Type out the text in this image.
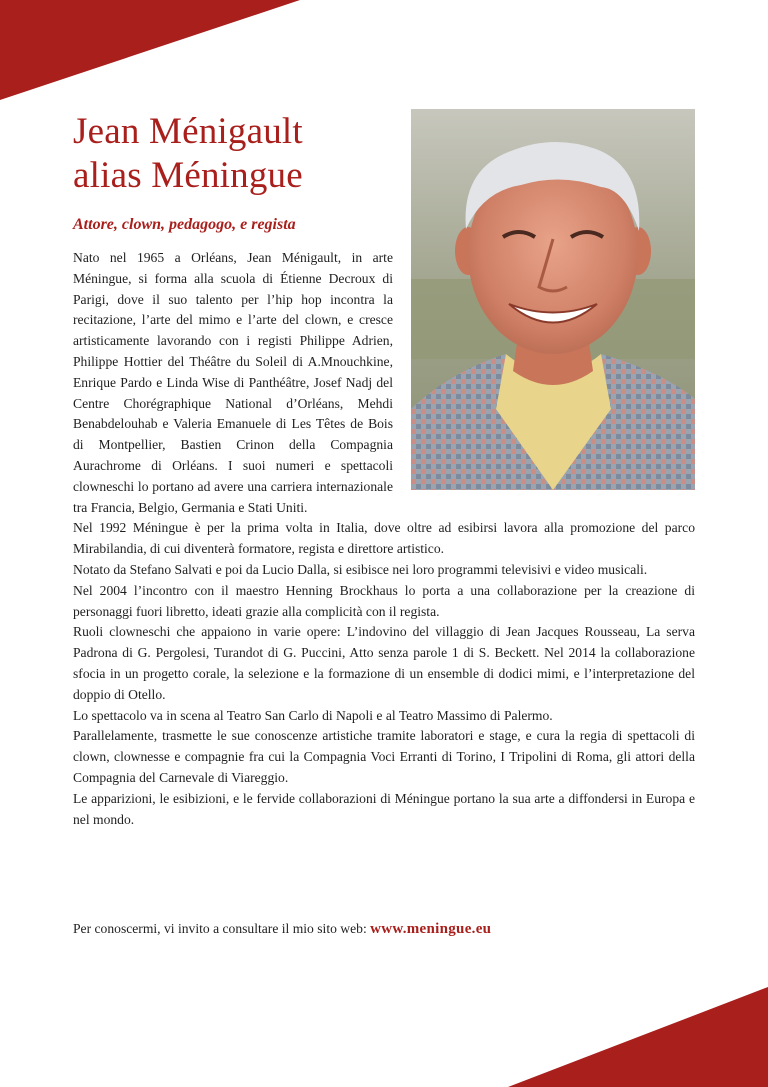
Jean Ménigault
alias Méningue
Attore, clown, pedagogo, e regista

Nato nel 1965 a Orléans, Jean Ménigault, in arte Méningue, si forma alla scuola di Étienne Decroux di Parigi, dove il suo talento per l’hip hop incontra la recitazione, l’arte del mimo e l’arte del clown, e cresce artisticamente lavorando con i registi Philippe Adrien, Philippe Hottier del Théâtre du Soleil di A.Mnouchkine, Enrique Pardo e Linda Wise di Panthéâtre, Josef Nadj del Centre Chorégraphique National d’Orléans, Mehdi Benabdelouhab e Valeria Emanuele di Les Têtes de Bois di Montpellier, Bastien Crinon della Compagnia Aurachrome di Orléans. I suoi numeri e spettacoli clowneschi lo portano ad avere una carriera internazionale tra Francia, Belgio, Germania e Stati Uniti.

Nel 1992 Méningue è per la prima volta in Italia, dove oltre ad esibirsi lavora alla promozione del parco Mirabilandia, di cui diventerà formatore, regista e direttore artistico.

Notato da Stefano Salvati e poi da Lucio Dalla, si esibisce nei loro programmi televisivi e video musicali.

Nel 2004 l’incontro con il maestro Henning Brockhaus lo porta a una collaborazione per la creazione di personaggi fuori libretto, ideati grazie alla complicità con il regista.

Ruoli clowneschi che appaiono in varie opere: L’indovino del villaggio di Jean Jacques Rousseau, La serva Padrona di G. Pergolesi, Turandot di G. Puccini, Atto senza parole 1 di S. Beckett. Nel 2014 la collaborazione sfocia in un progetto corale, la selezione e la formazione di un ensemble di dodici mimi, e l’interpretazione del doppio di Otello.

Lo spettacolo va in scena al Teatro San Carlo di Napoli e al Teatro Massimo di Palermo.

Parallelamente, trasmette le sue conoscenze artistiche tramite laboratori e stage, e cura la regia di spettacoli di clown, clownesse e compagnie fra cui la Compagnia Voci Erranti di Torino, I Tripolini di Roma, gli attori della Compagnia del Carnevale di Viareggio.

Le apparizioni, le esibizioni, e le fervide collaborazioni di Méningue portano la sua arte a diffondersi in Europa e nel mondo.

Per conoscermi, vi invito a consultare il mio sito web: www.meningue.eu
